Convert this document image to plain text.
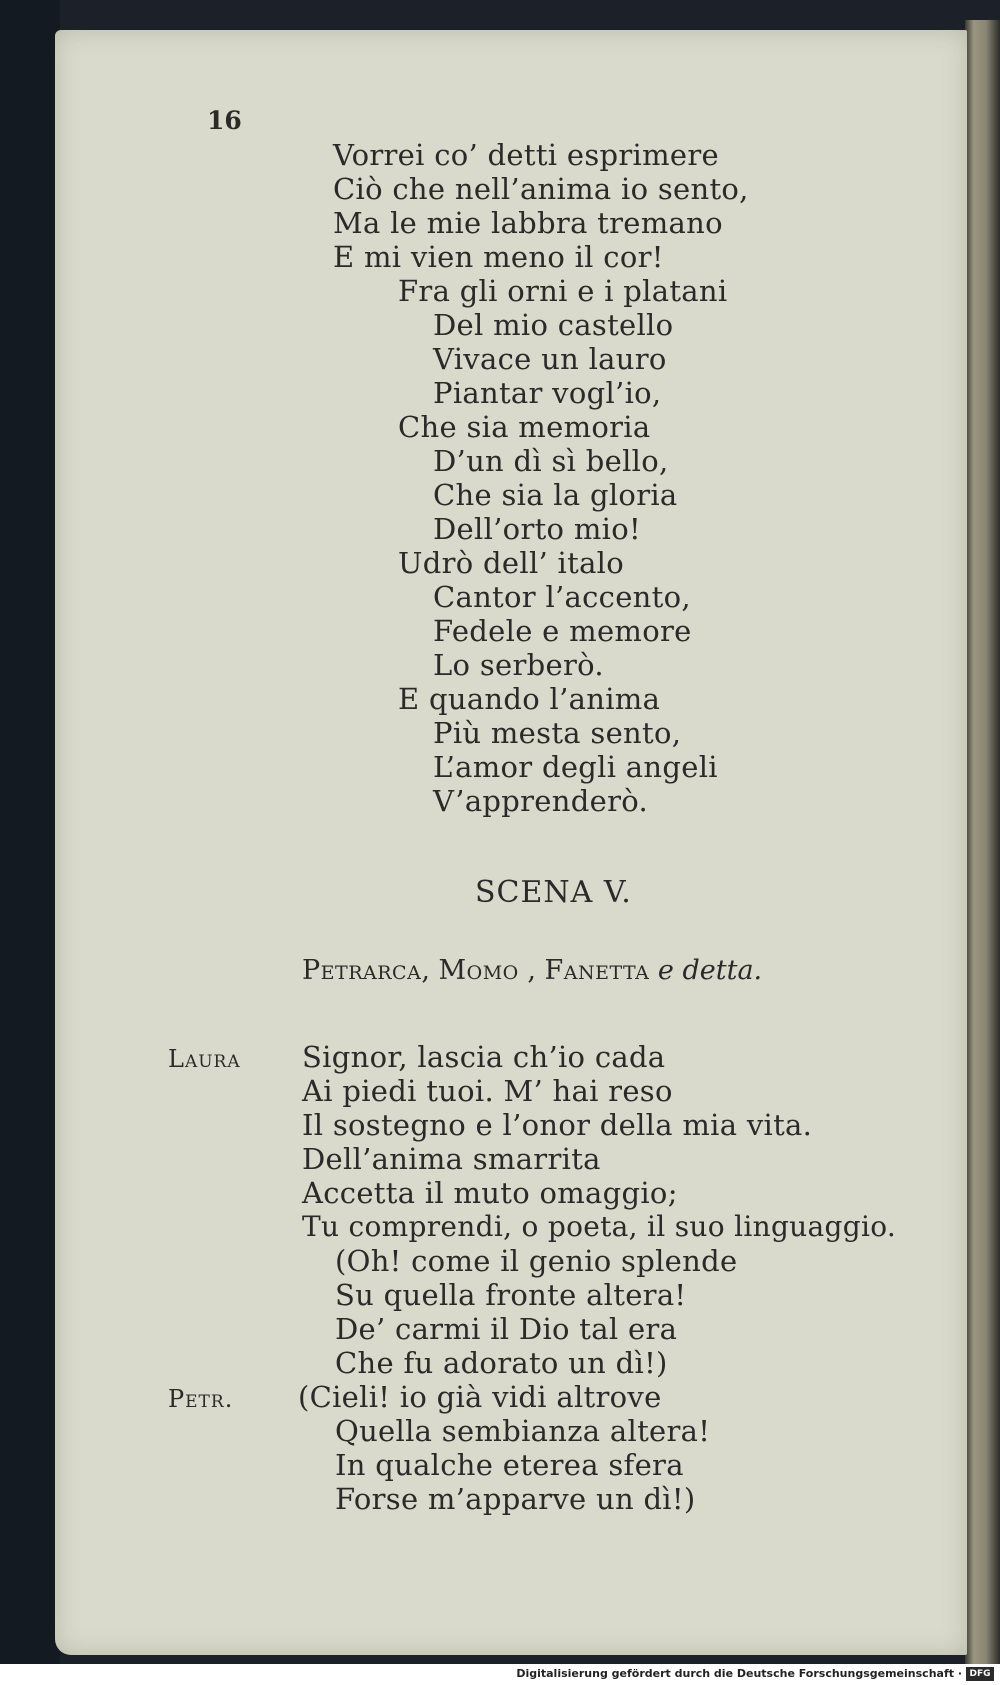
16
Vorrei co’ detti esprimere
Ciò che nell’anima io sento,
Ma le mie labbra tremano
E mi vien meno il cor!
Fra gli orni e i platani
Del mio castello
Vivace un lauro
Piantar vogl’io,
Che sia memoria
D’un dì sì bello,
Che sia la gloria
Dell’orto mio!
Udrò dell’ italo
Cantor l’accento,
Fedele e memore
Lo serberò.
E quando l’anima
Più mesta sento,
L’amor degli angeli
V’apprenderò.
SCENA V.
Petrarca, Momo , Fanetta e detta.
Laura Signor, lascia ch’io cada
Ai piedi tuoi. M’ hai reso
Il sostegno e l’onor della mia vita.
Dell’anima smarrita
Accetta il muto omaggio;
Tu comprendi, o poeta, il suo linguaggio.
(Oh! come il genio splende
Su quella fronte altera!
De’ carmi il Dio tal era
Che fu adorato un dì!)
Petr. (Cieli! io già vidi altrove
Quella sembianza altera!
In qualche eterea sfera
Forse m’apparve un dì!)
Digitalisierung gefördert durch die Deutsche Forschungsgemeinschaft · DFG
